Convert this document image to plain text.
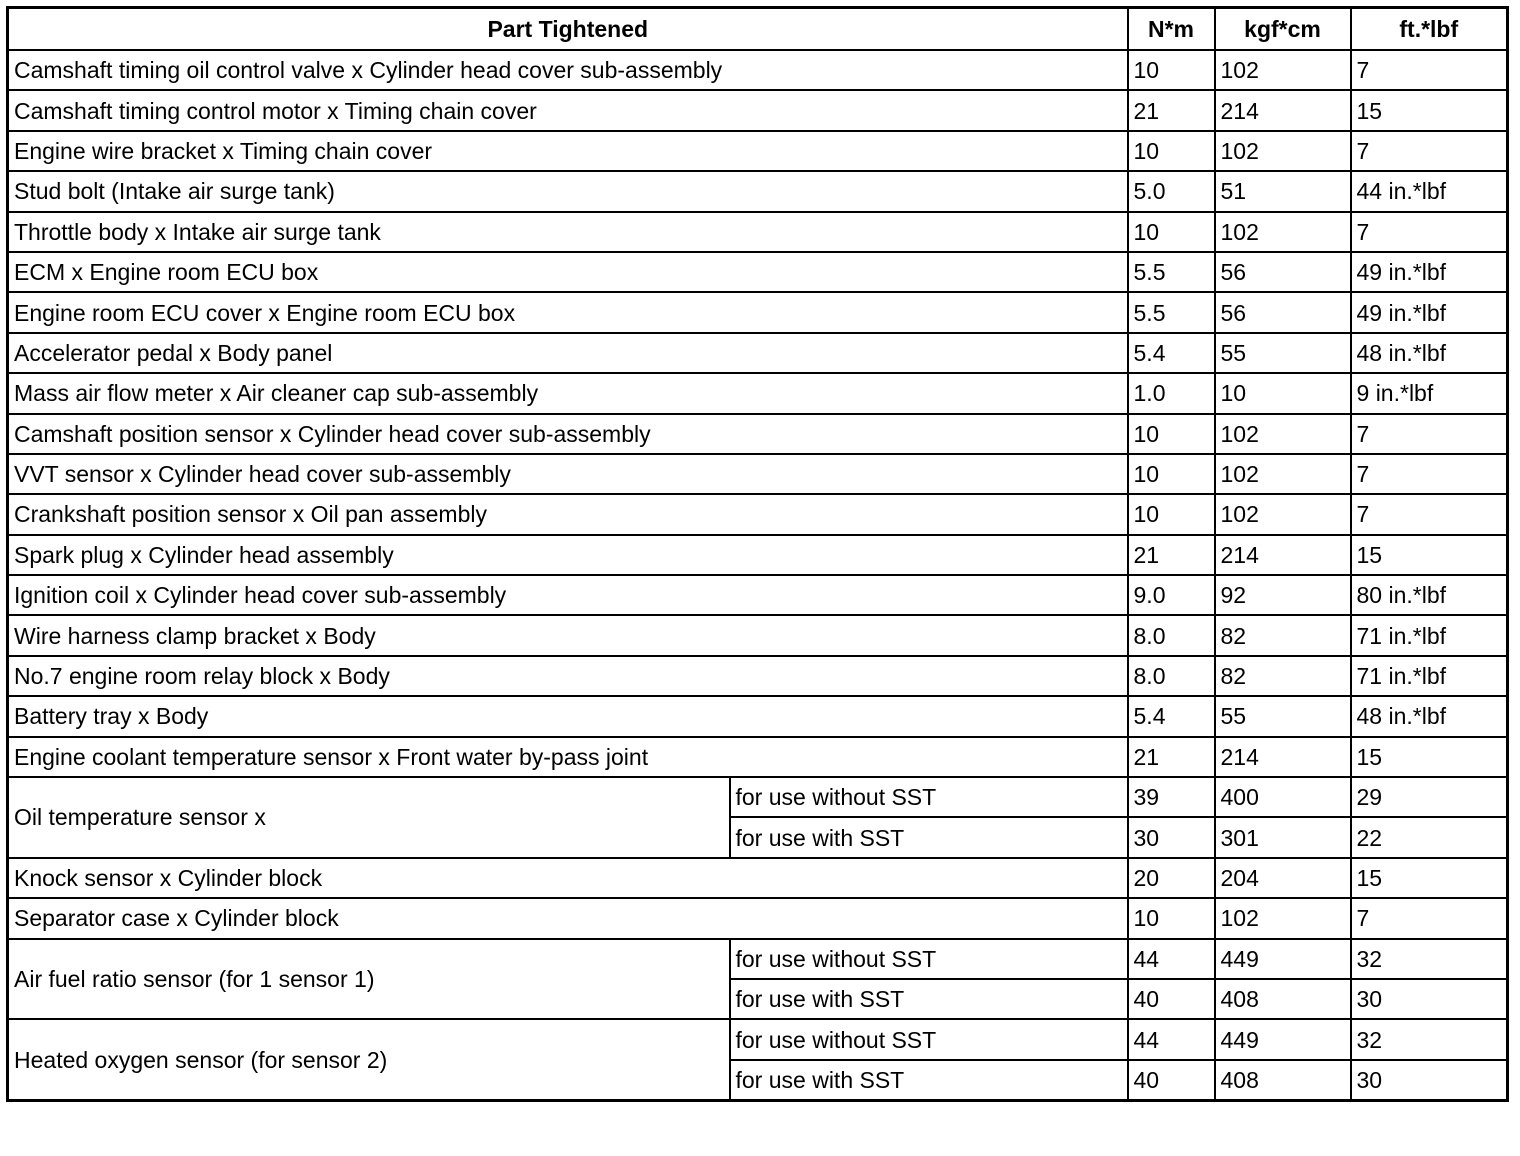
Part Tightened		N*m	kgf*cm	ft.*lbf
Camshaft timing oil control valve x Cylinder head cover sub-assembly		10	102	7
Camshaft timing control motor x Timing chain cover		21	214	15
Engine wire bracket x Timing chain cover		10	102	7
Stud bolt (Intake air surge tank)		5.0	51	44 in.*lbf
Throttle body x Intake air surge tank		10	102	7
ECM x Engine room ECU box		5.5	56	49 in.*lbf
Engine room ECU cover x Engine room ECU box		5.5	56	49 in.*lbf
Accelerator pedal x Body panel		5.4	55	48 in.*lbf
Mass air flow meter x Air cleaner cap sub-assembly		1.0	10	9 in.*lbf
Camshaft position sensor x Cylinder head cover sub-assembly		10	102	7
VVT sensor x Cylinder head cover sub-assembly		10	102	7
Crankshaft position sensor x Oil pan assembly		10	102	7
Spark plug x Cylinder head assembly		21	214	15
Ignition coil x Cylinder head cover sub-assembly		9.0	92	80 in.*lbf
Wire harness clamp bracket x Body		8.0	82	71 in.*lbf
No.7 engine room relay block x Body		8.0	82	71 in.*lbf
Battery tray x Body		5.4	55	48 in.*lbf
Engine coolant temperature sensor x Front water by-pass joint		21	214	15
Oil temperature sensor x	for use without SST	39	400	29
	for use with SST	30	301	22
Knock sensor x Cylinder block		20	204	15
Separator case x Cylinder block		10	102	7
Air fuel ratio sensor (for 1 sensor 1)	for use without SST	44	449	32
	for use with SST	40	408	30
Heated oxygen sensor (for sensor 2)	for use without SST	44	449	32
	for use with SST	40	408	30
